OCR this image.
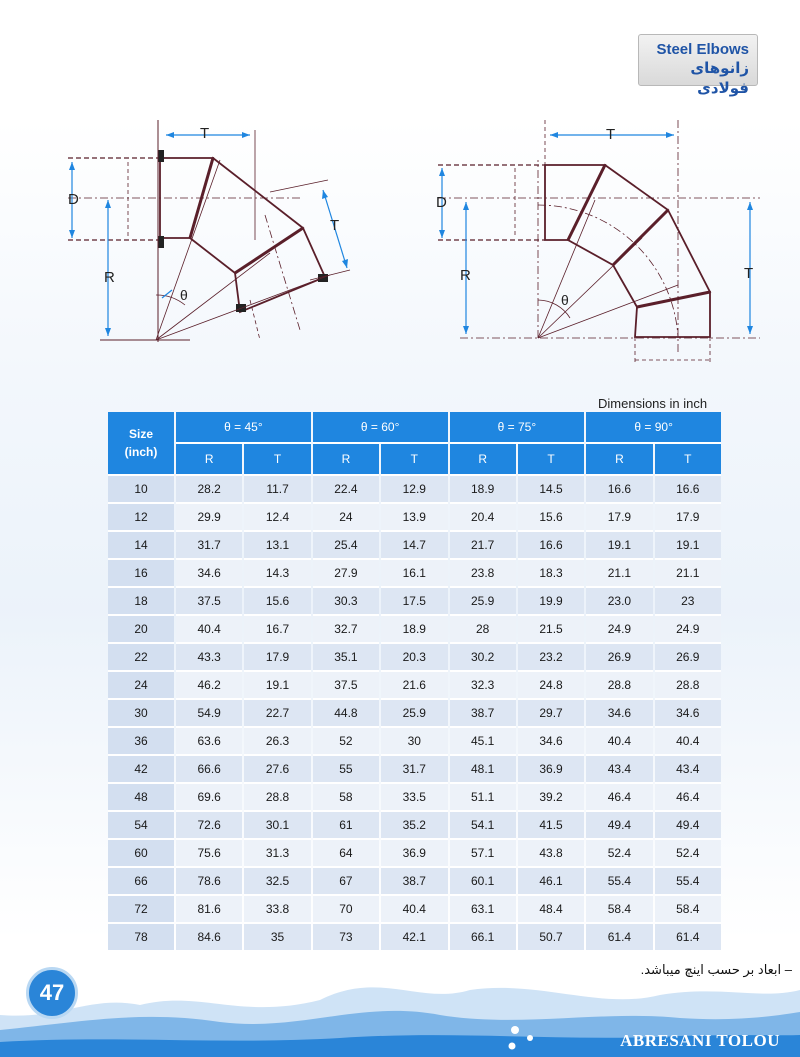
Steel Elbows
زانوهای فولادی
T
D
R
θ
T
T
D
R
θ
T
Dimensions in inch
Size
(inch)	θ = 45°		θ = 60°		θ = 75°		θ = 90°	
	R	T	R	T	R	T	R	T
10	28.2	11.7	22.4	12.9	18.9	14.5	16.6	16.6
12	29.9	12.4	24	13.9	20.4	15.6	17.9	17.9
14	31.7	13.1	25.4	14.7	21.7	16.6	19.1	19.1
16	34.6	14.3	27.9	16.1	23.8	18.3	21.1	21.1
18	37.5	15.6	30.3	17.5	25.9	19.9	23.0	23
20	40.4	16.7	32.7	18.9	28	21.5	24.9	24.9
22	43.3	17.9	35.1	20.3	30.2	23.2	26.9	26.9
24	46.2	19.1	37.5	21.6	32.3	24.8	28.8	28.8
30	54.9	22.7	44.8	25.9	38.7	29.7	34.6	34.6
36	63.6	26.3	52	30	45.1	34.6	40.4	40.4
42	66.6	27.6	55	31.7	48.1	36.9	43.4	43.4
48	69.6	28.8	58	33.5	51.1	39.2	46.4	46.4
54	72.6	30.1	61	35.2	54.1	41.5	49.4	49.4
60	75.6	31.3	64	36.9	57.1	43.8	52.4	52.4
66	78.6	32.5	67	38.7	60.1	46.1	55.4	55.4
72	81.6	33.8	70	40.4	63.1	48.4	58.4	58.4
78	84.6	35	73	42.1	66.1	50.7	61.4	61.4
– ابعاد بر حسب اینچ میباشد.
47
ABRESANI TOLOU
